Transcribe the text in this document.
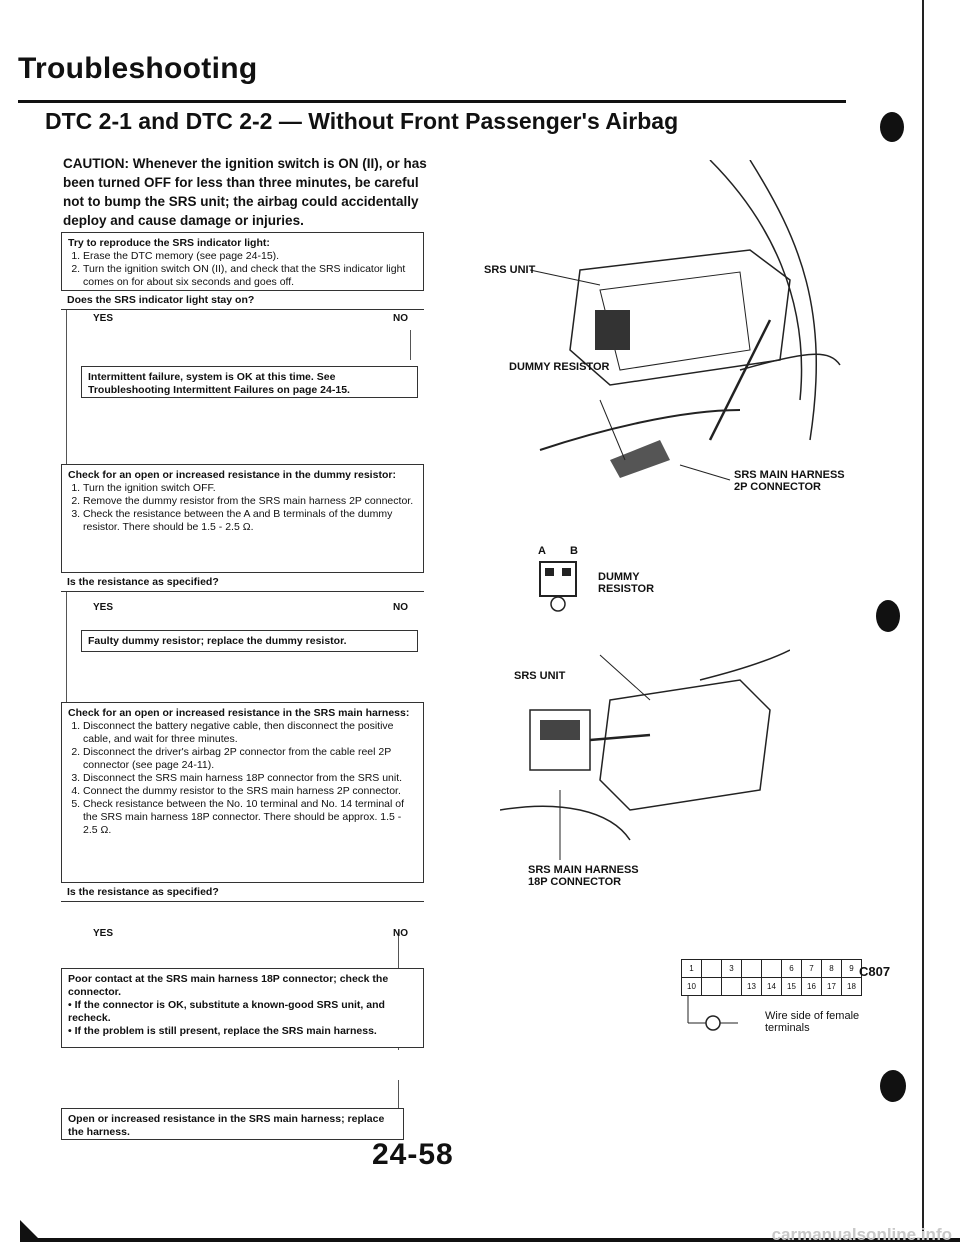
Troubleshooting
DTC 2-1 and DTC 2-2 — Without Front Passenger's Airbag
CAUTION: Whenever the ignition switch is ON (II), or has been turned OFF for less than three minutes, be careful not to bump the SRS unit; the airbag could accidentally deploy and cause damage or injuries.
Try to reproduce the SRS indicator light:
1. Erase the DTC memory (see page 24-15).
2. Turn the ignition switch ON (II), and check that the SRS indicator light comes on for about six seconds and goes off.
Does the SRS indicator light stay on?
YES	NO
Intermittent failure, system is OK at this time. See Troubleshooting Intermittent Failures on page 24-15.
Check for an open or increased resistance in the dummy resistor:
1. Turn the ignition switch OFF.
2. Remove the dummy resistor from the SRS main harness 2P connector.
3. Check the resistance between the A and B terminals of the dummy resistor. There should be 1.5 - 2.5 Ω.
Is the resistance as specified?
YES	NO
Faulty dummy resistor; replace the dummy resistor.
Check for an open or increased resistance in the SRS main harness:
1. Disconnect the battery negative cable, then disconnect the positive cable, and wait for three minutes.
2. Disconnect the driver's airbag 2P connector from the cable reel 2P connector (see page 24-11).
3. Disconnect the SRS main harness 18P connector from the SRS unit.
4. Connect the dummy resistor to the SRS main harness 2P connector.
5. Check resistance between the No. 10 terminal and No. 14 terminal of the SRS main harness 18P connector. There should be approx. 1.5 - 2.5 Ω.
Is the resistance as specified?
YES	NO
Poor contact at the SRS main harness 18P connector; check the connector.
• If the connector is OK, substitute a known-good SRS unit, and recheck.
• If the problem is still present, replace the SRS main harness.
Open or increased resistance in the SRS main harness; replace the harness.
SRS UNIT
DUMMY RESISTOR
SRS MAIN HARNESS
2P CONNECTOR
A B
DUMMY
RESISTOR
SRS UNIT
SRS MAIN HARNESS
18P CONNECTOR
1		3			6	7	8	9
10			13	14	15	16	17	18
C807
Wire side of female
terminals
24-58
carmanualsonline.info
